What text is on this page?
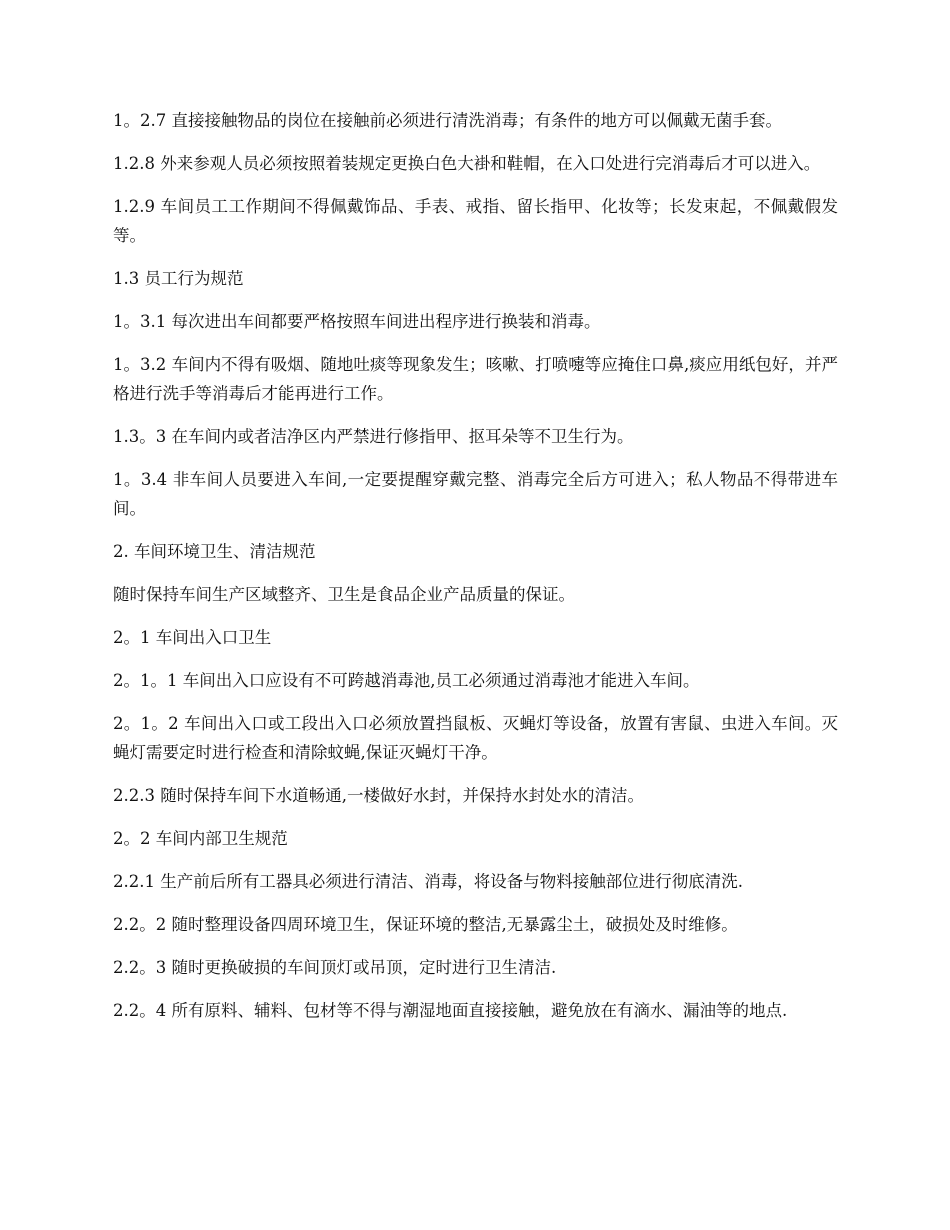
1。2.7 直接接触物品的岗位在接触前必须进行清洗消毒；有条件的地方可以佩戴无菌手套。

1.2.8 外来参观人员必须按照着装规定更换白色大褂和鞋帽，在入口处进行完消毒后才可以进入。

1.2.9 车间员工工作期间不得佩戴饰品、手表、戒指、留长指甲、化妆等；长发束起，不佩戴假发等。

1.3 员工行为规范

1。3.1 每次进出车间都要严格按照车间进出程序进行换装和消毒。

1。3.2 车间内不得有吸烟、随地吐痰等现象发生；咳嗽、打喷嚏等应掩住口鼻,痰应用纸包好，并严格进行洗手等消毒后才能再进行工作。

1.3。3 在车间内或者洁净区内严禁进行修指甲、抠耳朵等不卫生行为。

1。3.4 非车间人员要进入车间,一定要提醒穿戴完整、消毒完全后方可进入；私人物品不得带进车间。

2. 车间环境卫生、清洁规范

随时保持车间生产区域整齐、卫生是食品企业产品质量的保证。

2。1 车间出入口卫生

2。1。1 车间出入口应设有不可跨越消毒池,员工必须通过消毒池才能进入车间。

2。1。2 车间出入口或工段出入口必须放置挡鼠板、灭蝇灯等设备，放置有害鼠、虫进入车间。灭蝇灯需要定时进行检查和清除蚊蝇,保证灭蝇灯干净。

2.2.3 随时保持车间下水道畅通,一楼做好水封，并保持水封处水的清洁。

2。2 车间内部卫生规范

2.2.1 生产前后所有工器具必须进行清洁、消毒，将设备与物料接触部位进行彻底清洗.

2.2。2 随时整理设备四周环境卫生，保证环境的整洁,无暴露尘土，破损处及时维修。

2.2。3 随时更换破损的车间顶灯或吊顶，定时进行卫生清洁.

2.2。4 所有原料、辅料、包材等不得与潮湿地面直接接触，避免放在有滴水、漏油等的地点.
